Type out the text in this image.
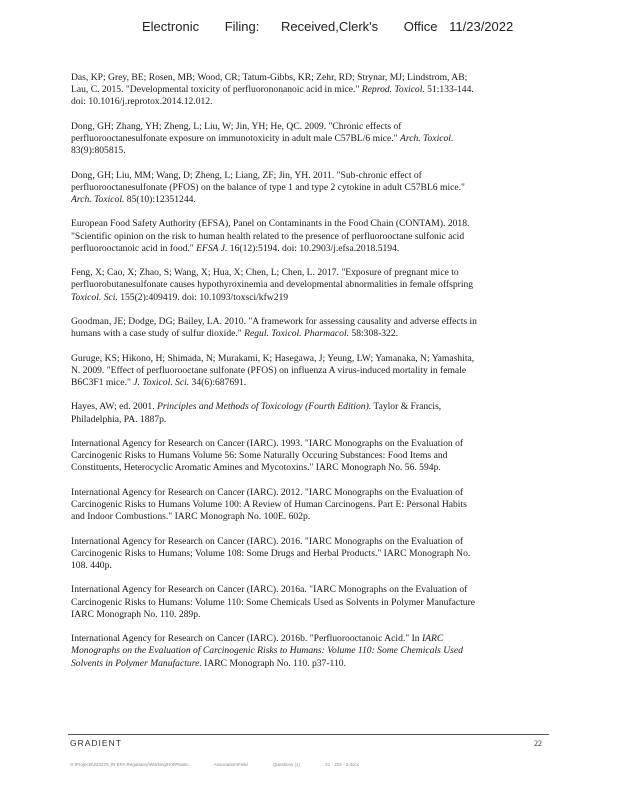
Electronic Filing: Received,Clerk's Office 11/23/2022
Das, KP; Grey, BE; Rosen, MB; Wood, CR; Tatum-Gibbs, KR; Zehr, RD; Strynar, MJ; Lindstrom, AB;
Lau, C. 2015. "Developmental toxicity of perfluorononanoic acid in mice." Reprod. Toxicol. 51:133-144.
doi: 10.1016/j.reprotox.2014.12.012.
Dong, GH; Zhang, YH; Zheng, L; Liu, W; Jin, YH; He, QC. 2009. "Chronic effects of
perfluorooctanesulfonate exposure on immunotoxicity in adult male C57BL/6 mice." Arch. Toxicol.
83(9):805815.
Dong, GH; Liu, MM; Wang, D; Zheng, L; Liang, ZF; Jin, YH. 2011. "Sub-chronic effect of
perfluorooctanesulfonate (PFOS) on the balance of type 1 and type 2 cytokine in adult C57BL6 mice."
Arch. Toxicol. 85(10):12351244.
European Food Safety Authority (EFSA), Panel on Contaminants in the Food Chain (CONTAM). 2018.
"Scientific opinion on the risk to human health related to the presence of perfluorooctane sulfonic acid
perfluorooctanoic acid in food." EFSA J. 16(12):5194. doi: 10.2903/j.efsa.2018.5194.
Feng, X; Cao, X; Zhao, S; Wang, X; Hua, X; Chen, L; Chen, L. 2017. "Exposure of pregnant mice to
perfluorobutanesulfonate causes hypothyroxinemia and developmental abnormalities in female offspring
Toxicol. Sci. 155(2):409419. doi: 10.1093/toxsci/kfw219
Goodman, JE; Dodge, DG; Bailey, LA. 2010. "A framework for assessing causality and adverse effects in
humans with a case study of sulfur dioxide." Regul. Toxicol. Pharmacol. 58:308-322.
Guruge, KS; Hikono, H; Shimada, N; Murakami, K; Hasegawa, J; Yeung, LW; Yamanaka, N; Yamashita,
N. 2009. "Effect of perfluorooctane sulfonate (PFOS) on influenza A virus-induced mortality in female
B6C3F1 mice." J. Toxicol. Sci. 34(6):687691.
Hayes, AW; ed. 2001. Principles and Methods of Toxicology (Fourth Edition). Taylor & Francis,
Philadelphia, PA. 1887p.
International Agency for Research on Cancer (IARC). 1993. "IARC Monographs on the Evaluation of
Carcinogenic Risks to Humans Volume 56: Some Naturally Occuring Substances: Food Items and
Constituents, Heterocyclic Aromatic Amines and Mycotoxins." IARC Monograph No. 56. 594p.
International Agency for Research on Cancer (IARC). 2012. "IARC Monographs on the Evaluation of
Carcinogenic Risks to Humans Volume 100: A Review of Human Carcinogens. Part E: Personal Habits
and Indoor Combustions." IARC Monograph No. 100E. 602p.
International Agency for Research on Cancer (IARC). 2016. "IARC Monographs on the Evaluation of
Carcinogenic Risks to Humans; Volume 108: Some Drugs and Herbal Products." IARC Monograph No.
108. 440p.
International Agency for Research on Cancer (IARC). 2016a. "IARC Monographs on the Evaluation of
Carcinogenic Risks to Humans: Volume 110: Some Chemicals Used as Solvents in Polymer Manufacture
IARC Monograph No. 110. 289p.
International Agency for Research on Cancer (IARC). 2016b. "Perfluorooctanoic Acid." In IARC
Monographs on the Evaluation of Carcinogenic Risks to Humans: Volume 110: Some Chemicals Used
Solvents in Polymer Manufacture. IARC Monograph No. 110. p37-110.
GRADIENT	22
G:\Projects\222270_IN EPA Regulatory\Working\Hot\Plastic	Association\Field	Questions (1)	21 - 222 - 2.docx
